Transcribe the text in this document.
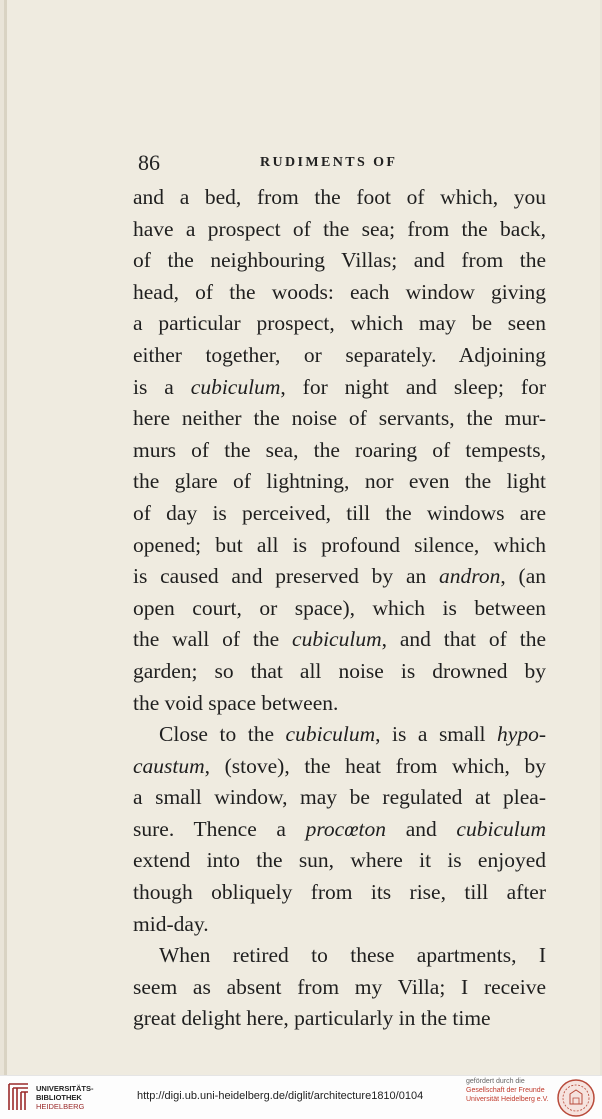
86	RUDIMENTS OF
and a bed, from the foot of which, you
have a prospect of the sea; from the back,
of the neighbouring Villas; and from the
head, of the woods: each window giving
a particular prospect, which may be seen
either together, or separately. Adjoining
is a cubiculum, for night and sleep; for
here neither the noise of servants, the mur-
murs of the sea, the roaring of tempests,
the glare of lightning, nor even the light
of day is perceived, till the windows are
opened; but all is profound silence, which
is caused and preserved by an andron, (an
open court, or space), which is between
the wall of the cubiculum, and that of the
garden; so that all noise is drowned by
the void space between.
Close to the cubiculum, is a small hypo-
caustum, (stove), the heat from which, by
a small window, may be regulated at plea-
sure. Thence a procœton and cubiculum
extend into the sun, where it is enjoyed
though obliquely from its rise, till after
mid-day.
When retired to these apartments, I
seem as absent from my Villa; I receive
great delight here, particularly in the time
UNIVERSITÄTS-
BIBLIOTHEK
HEIDELBERG
http://digi.ub.uni-heidelberg.de/diglit/architecture1810/0104
gefördert durch die
Gesellschaft der Freunde
Universität Heidelberg e.V.
